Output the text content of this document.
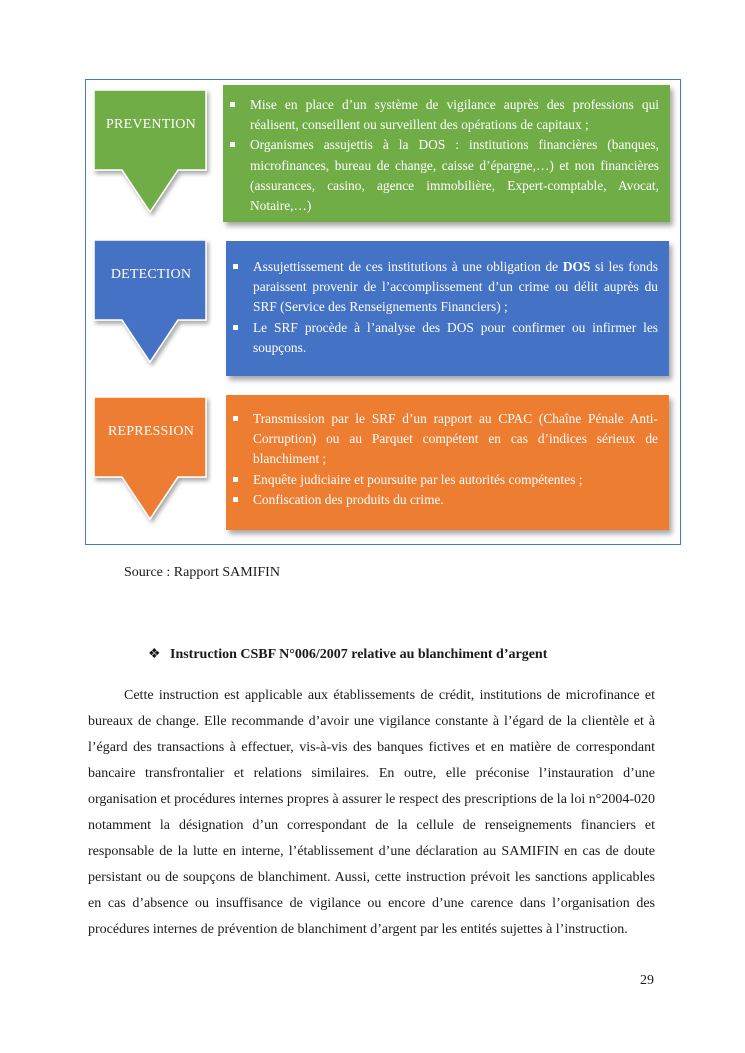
PREVENTION
Mise en place d’un système de vigilance auprès des professions qui réalisent, conseillent ou surveillent des opérations de capitaux ;
Organismes assujettis à la DOS : institutions financières (banques, microfinances, bureau de change, caisse d’épargne,…) et non financières (assurances, casino, agence immobilière, Expert-comptable, Avocat, Notaire,…)
DETECTION
Assujettissement de ces institutions à une obligation de DOS si les fonds paraissent provenir de l’accomplissement d’un crime ou délit auprès du SRF (Service des Renseignements Financiers) ;
Le SRF procède à l’analyse des DOS pour confirmer ou infirmer les soupçons.
REPRESSION
Transmission par le SRF d’un rapport au CPAC (Chaîne Pénale Anti-Corruption) ou au Parquet compétent en cas d’indices sérieux de blanchiment ;
Enquête judiciaire et poursuite par les autorités compétentes ;
Confiscation des produits du crime.
Source : Rapport SAMIFIN
❖ Instruction CSBF N°006/2007 relative au blanchiment d’argent

Cette instruction est applicable aux établissements de crédit, institutions de microfinance et bureaux de change. Elle recommande d’avoir une vigilance constante à l’égard de la clientèle et à l’égard des transactions à effectuer, vis-à-vis des banques fictives et en matière de correspondant bancaire transfrontalier et relations similaires. En outre, elle préconise l’instauration d’une organisation et procédures internes propres à assurer le respect des prescriptions de la loi n°2004-020 notamment la désignation d’un correspondant de la cellule de renseignements financiers et responsable de la lutte en interne, l’établissement d’une déclaration au SAMIFIN en cas de doute persistant ou de soupçons de blanchiment. Aussi, cette instruction prévoit les sanctions applicables en cas d’absence ou insuffisance de vigilance ou encore d’une carence dans l’organisation des procédures internes de prévention de blanchiment d’argent par les entités sujettes à l’instruction.

29
